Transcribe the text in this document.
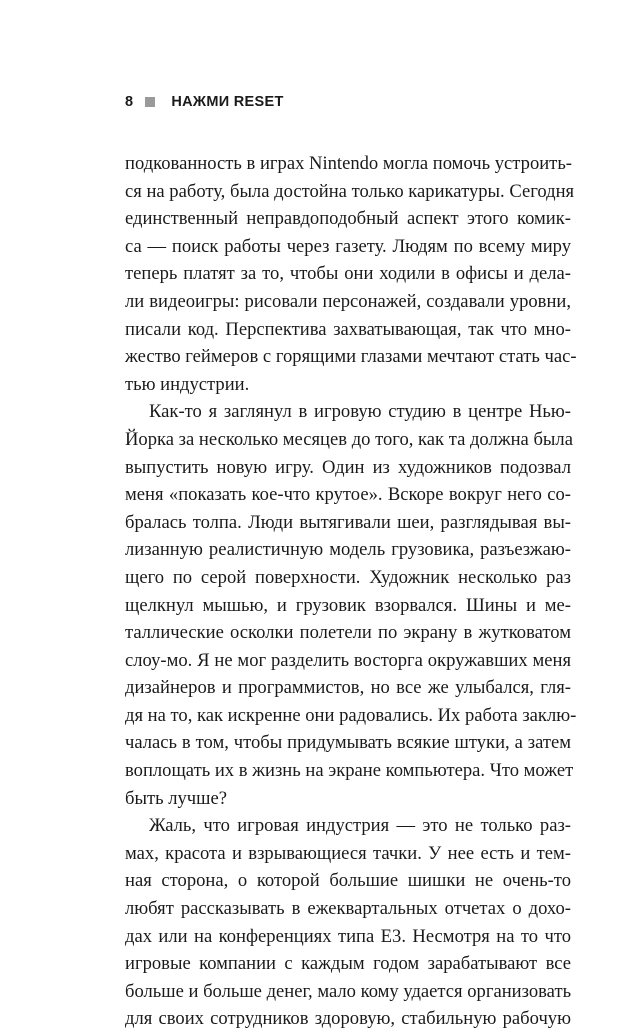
8	НАЖМИ RESET
подкованность в играх Nintendo могла помочь устроить-
ся на работу, была достойна только карикатуры. Сегодня
единственный неправдоподобный аспект этого комик-
са — поиск работы через газету. Людям по всему миру
теперь платят за то, чтобы они ходили в офисы и дела-
ли видеоигры: рисовали персонажей, создавали уровни,
писали код. Перспектива захватывающая, так что мно-
жество геймеров с горящими глазами мечтают стать час-
тью индустрии.
Как-то я заглянул в игровую студию в центре Нью-
Йорка за несколько месяцев до того, как та должна была
выпустить новую игру. Один из художников подозвал
меня «показать кое-что крутое». Вскоре вокруг него со-
бралась толпа. Люди вытягивали шеи, разглядывая вы-
лизанную реалистичную модель грузовика, разъезжаю-
щего по серой поверхности. Художник несколько раз
щелкнул мышью, и грузовик взорвался. Шины и ме-
таллические осколки полетели по экрану в жутковатом
слоу-мо. Я не мог разделить восторга окружавших меня
дизайнеров и программистов, но все же улыбался, гля-
дя на то, как искренне они радовались. Их работа заклю-
чалась в том, чтобы придумывать всякие штуки, а затем
воплощать их в жизнь на экране компьютера. Что может
быть лучше?
Жаль, что игровая индустрия — это не только раз-
мах, красота и взрывающиеся тачки. У нее есть и тем-
ная сторона, о которой большие шишки не очень-то
любят рассказывать в ежеквартальных отчетах о дохо-
дах или на конференциях типа E3. Несмотря на то что
игровые компании с каждым годом зарабатывают все
больше и больше денег, мало кому удается организовать
для своих сотрудников здоровую, стабильную рабочую
